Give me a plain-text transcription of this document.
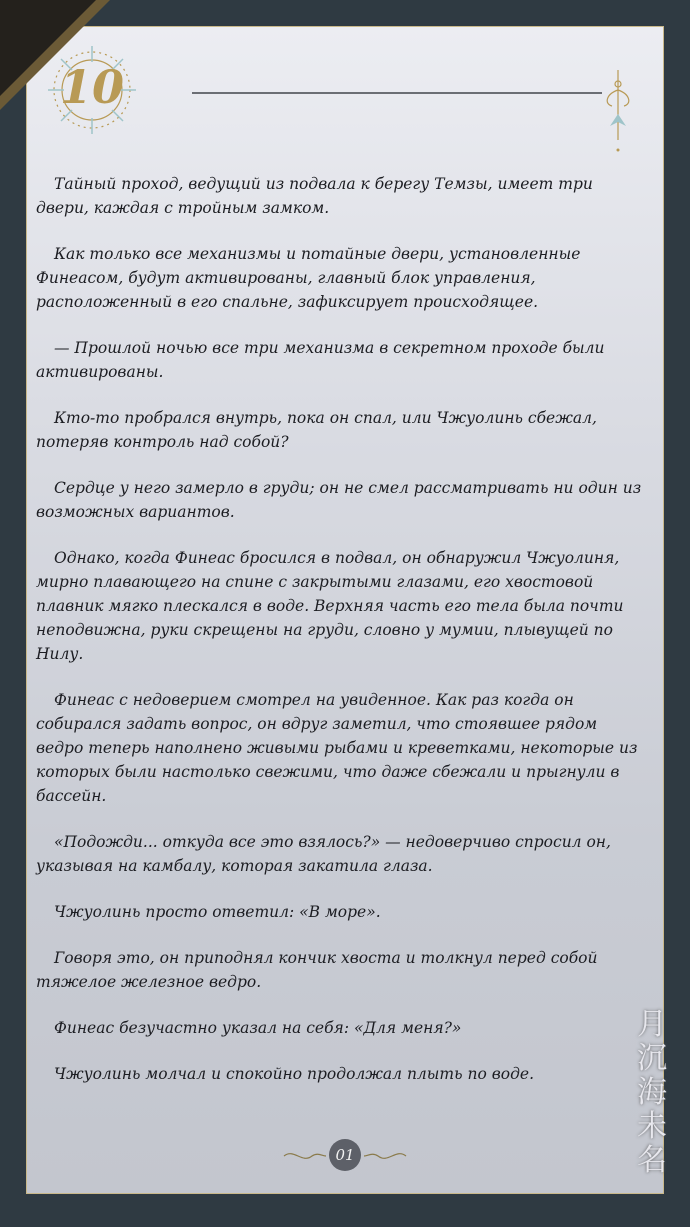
10

Тайный проход, ведущий из подвала к берегу Темзы, имеет три двери, каждая с тройным замком.

Как только все механизмы и потайные двери, установленные Финеасом, будут активированы, главный блок управления, расположенный в его спальне, зафиксирует происходящее.

— Прошлой ночью все три механизма в секретном проходе были активированы.

Кто-то пробрался внутрь, пока он спал, или Чжуолинь сбежал, потеряв контроль над собой?

Сердце у него замерло в груди; он не смел рассматривать ни один из возможных вариантов.

Однако, когда Финеас бросился в подвал, он обнаружил Чжуолиня, мирно плавающего на спине с закрытыми глазами, его хвостовой плавник мягко плескался в воде. Верхняя часть его тела была почти неподвижна, руки скрещены на груди, словно у мумии, плывущей по Нилу.

Финеас с недоверием смотрел на увиденное. Как раз когда он собирался задать вопрос, он вдруг заметил, что стоявшее рядом ведро теперь наполнено живыми рыбами и креветками, некоторые из которых были настолько свежими, что даже сбежали и прыгнули в бассейн.

«Подожди... откуда все это взялось?» — недоверчиво спросил он, указывая на камбалу, которая закатила глаза.

Чжуолинь просто ответил: «В море».

Говоря это, он приподнял кончик хвоста и толкнул перед собой тяжелое железное ведро.

Финеас безучастно указал на себя: «Для меня?»

Чжуолинь молчал и спокойно продолжал плыть по воде.

月沉海未名
01
